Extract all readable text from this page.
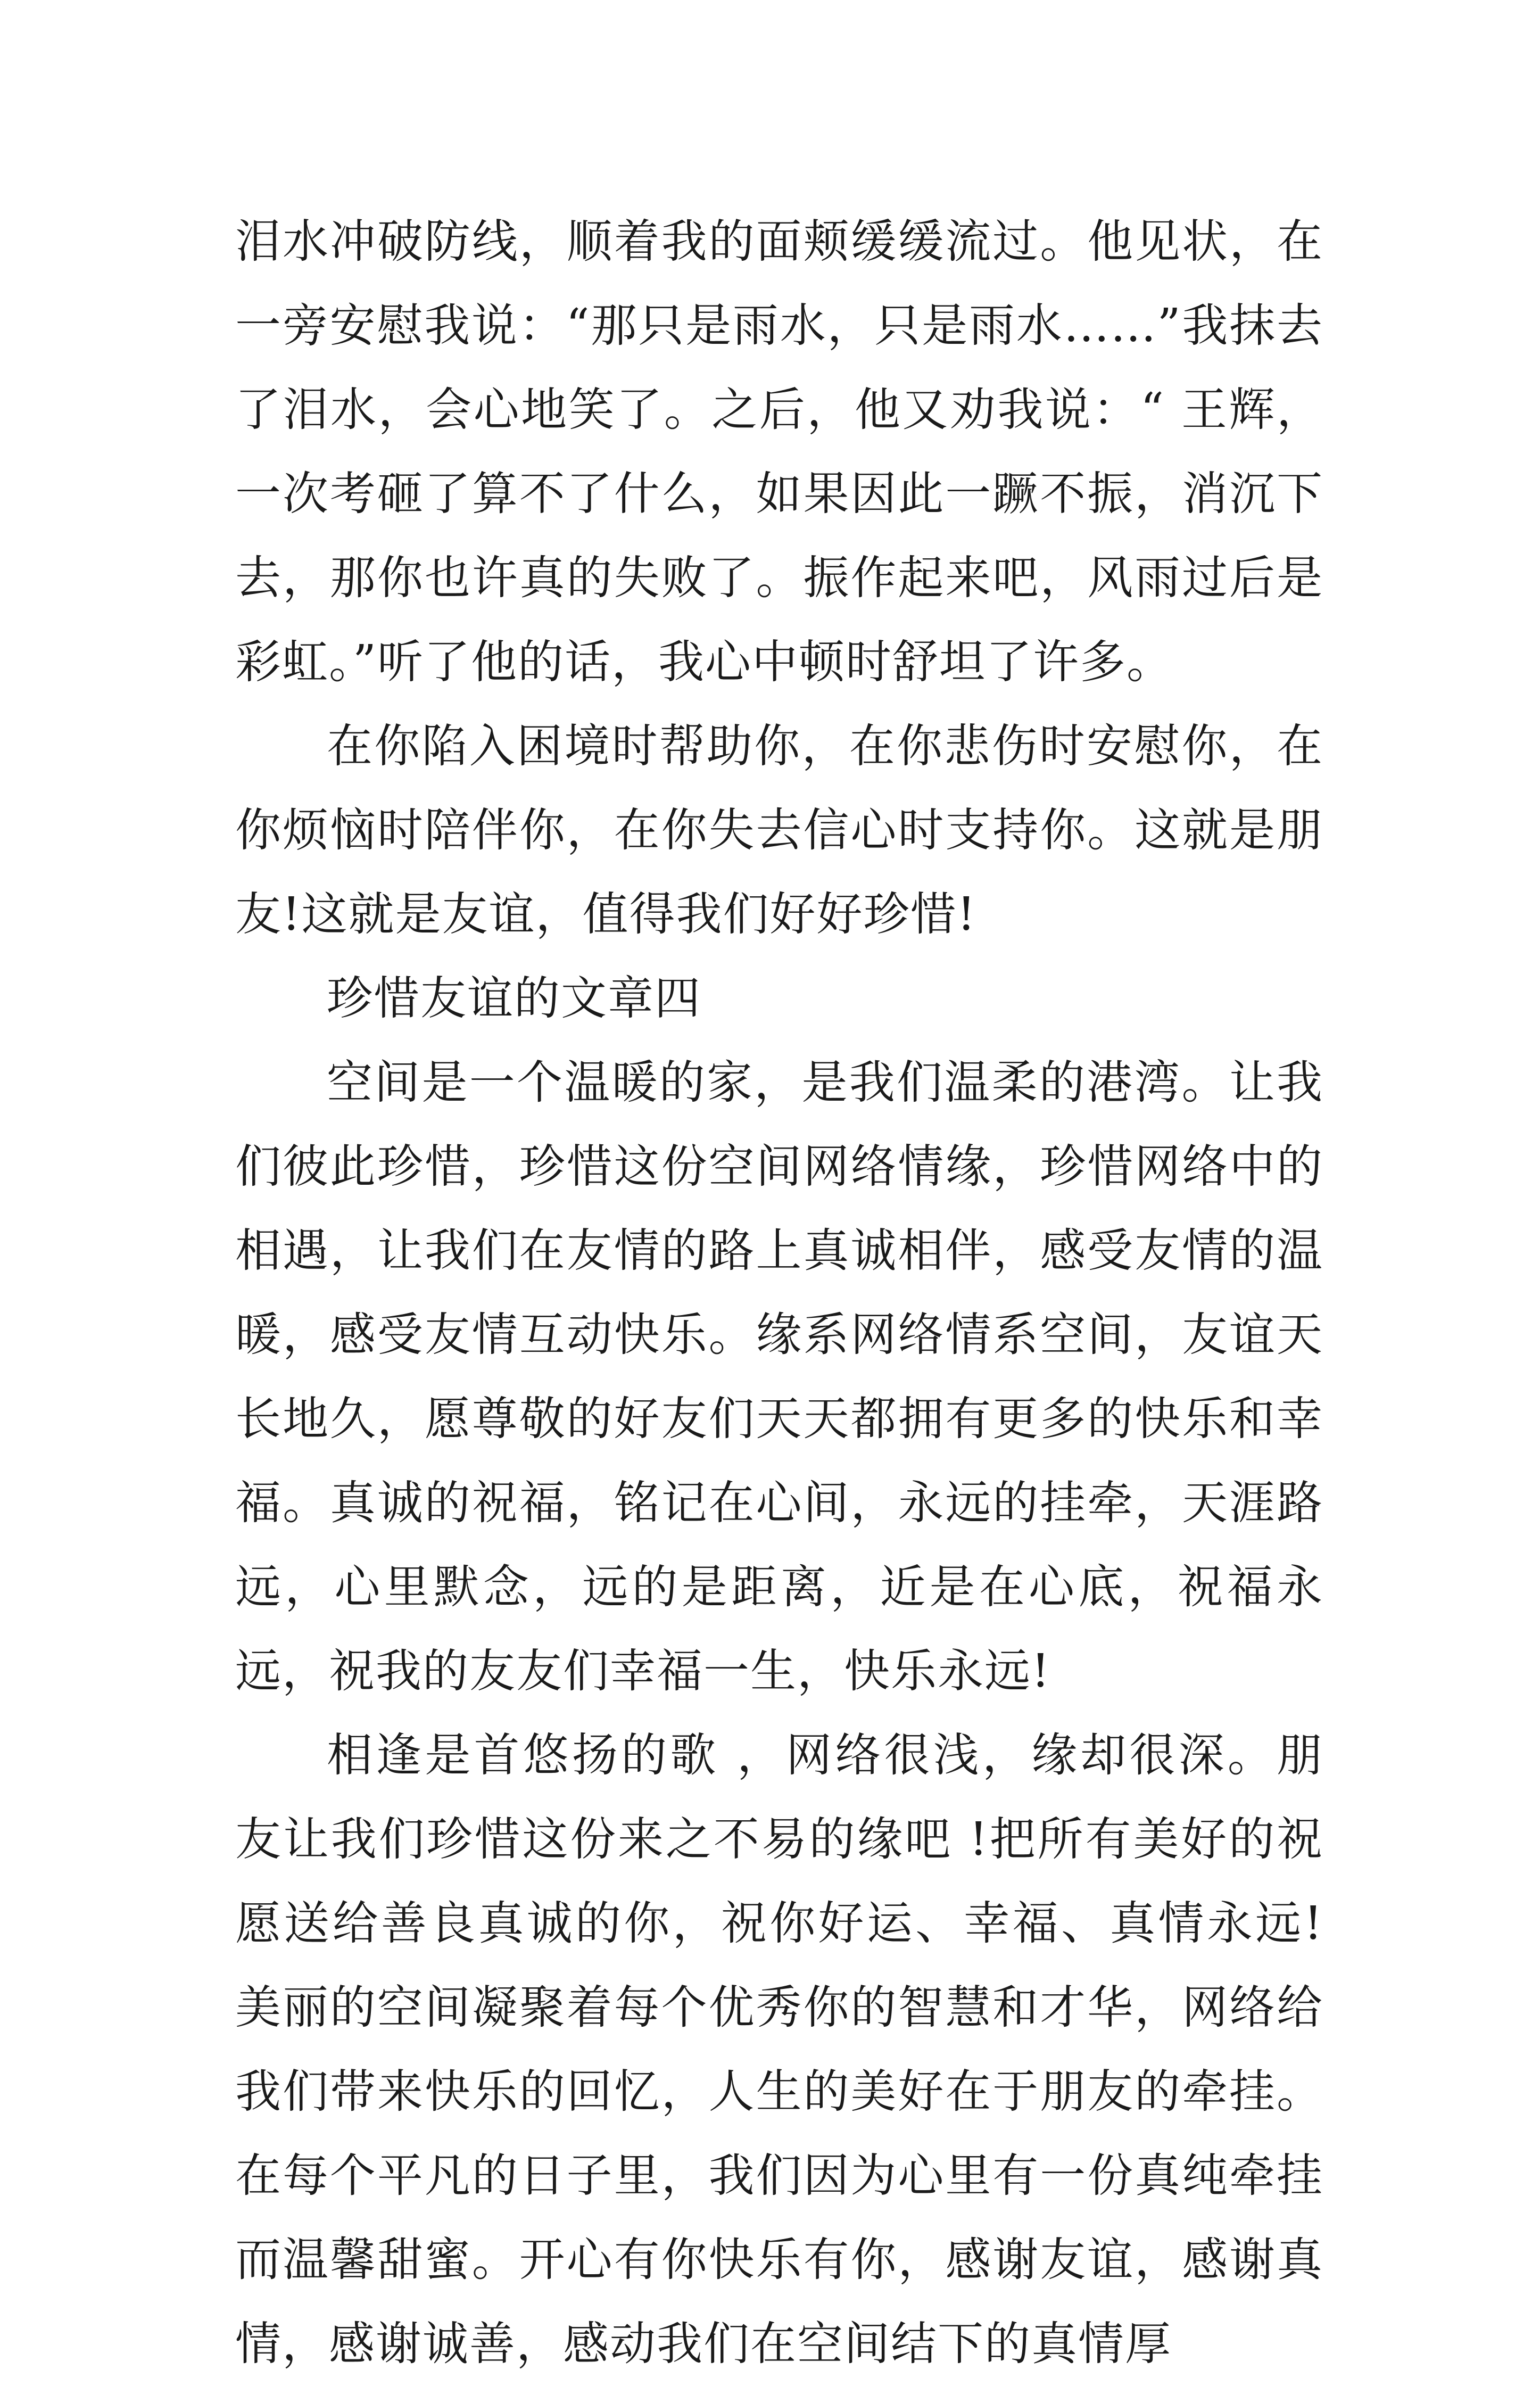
泪水冲破防线，顺着我的面颊缓缓流过。他见状，在一旁安慰我说：“那只是雨水，只是雨水……”我抹去了泪水，会心地笑了。之后，他又劝我说：“ 王辉，一次考砸了算不了什么，如果因此一蹶不振，消沉下去，那你也许真的失败了。振作起来吧，风雨过后是彩虹。”听了他的话，我心中顿时舒坦了许多。

在你陷入困境时帮助你，在你悲伤时安慰你，在你烦恼时陪伴你，在你失去信心时支持你。这就是朋友!这就是友谊，值得我们好好珍惜!

珍惜友谊的文章四

空间是一个温暖的家，是我们温柔的港湾。让我们彼此珍惜，珍惜这份空间网络情缘，珍惜网络中的相遇，让我们在友情的路上真诚相伴，感受友情的温暖，感受友情互动快乐。缘系网络情系空间，友谊天长地久，愿尊敬的好友们天天都拥有更多的快乐和幸福。真诚的祝福，铭记在心间，永远的挂牵，天涯路远，心里默念，远的是距离，近是在心底，祝福永远，祝我的友友们幸福一生，快乐永远!

相逢是首悠扬的歌 ，网络很浅，缘却很深。朋友让我们珍惜这份来之不易的缘吧 !把所有美好的祝愿送给善良真诚的你，祝你好运、幸福、真情永远!美丽的空间凝聚着每个优秀你的智慧和才华，网络给我们带来快乐的回忆，人生的美好在于朋友的牵挂。在每个平凡的日子里，我们因为心里有一份真纯牵挂而温馨甜蜜。开心有你快乐有你，感谢友谊，感谢真情，感谢诚善，感动我们在空间结下的真情厚
